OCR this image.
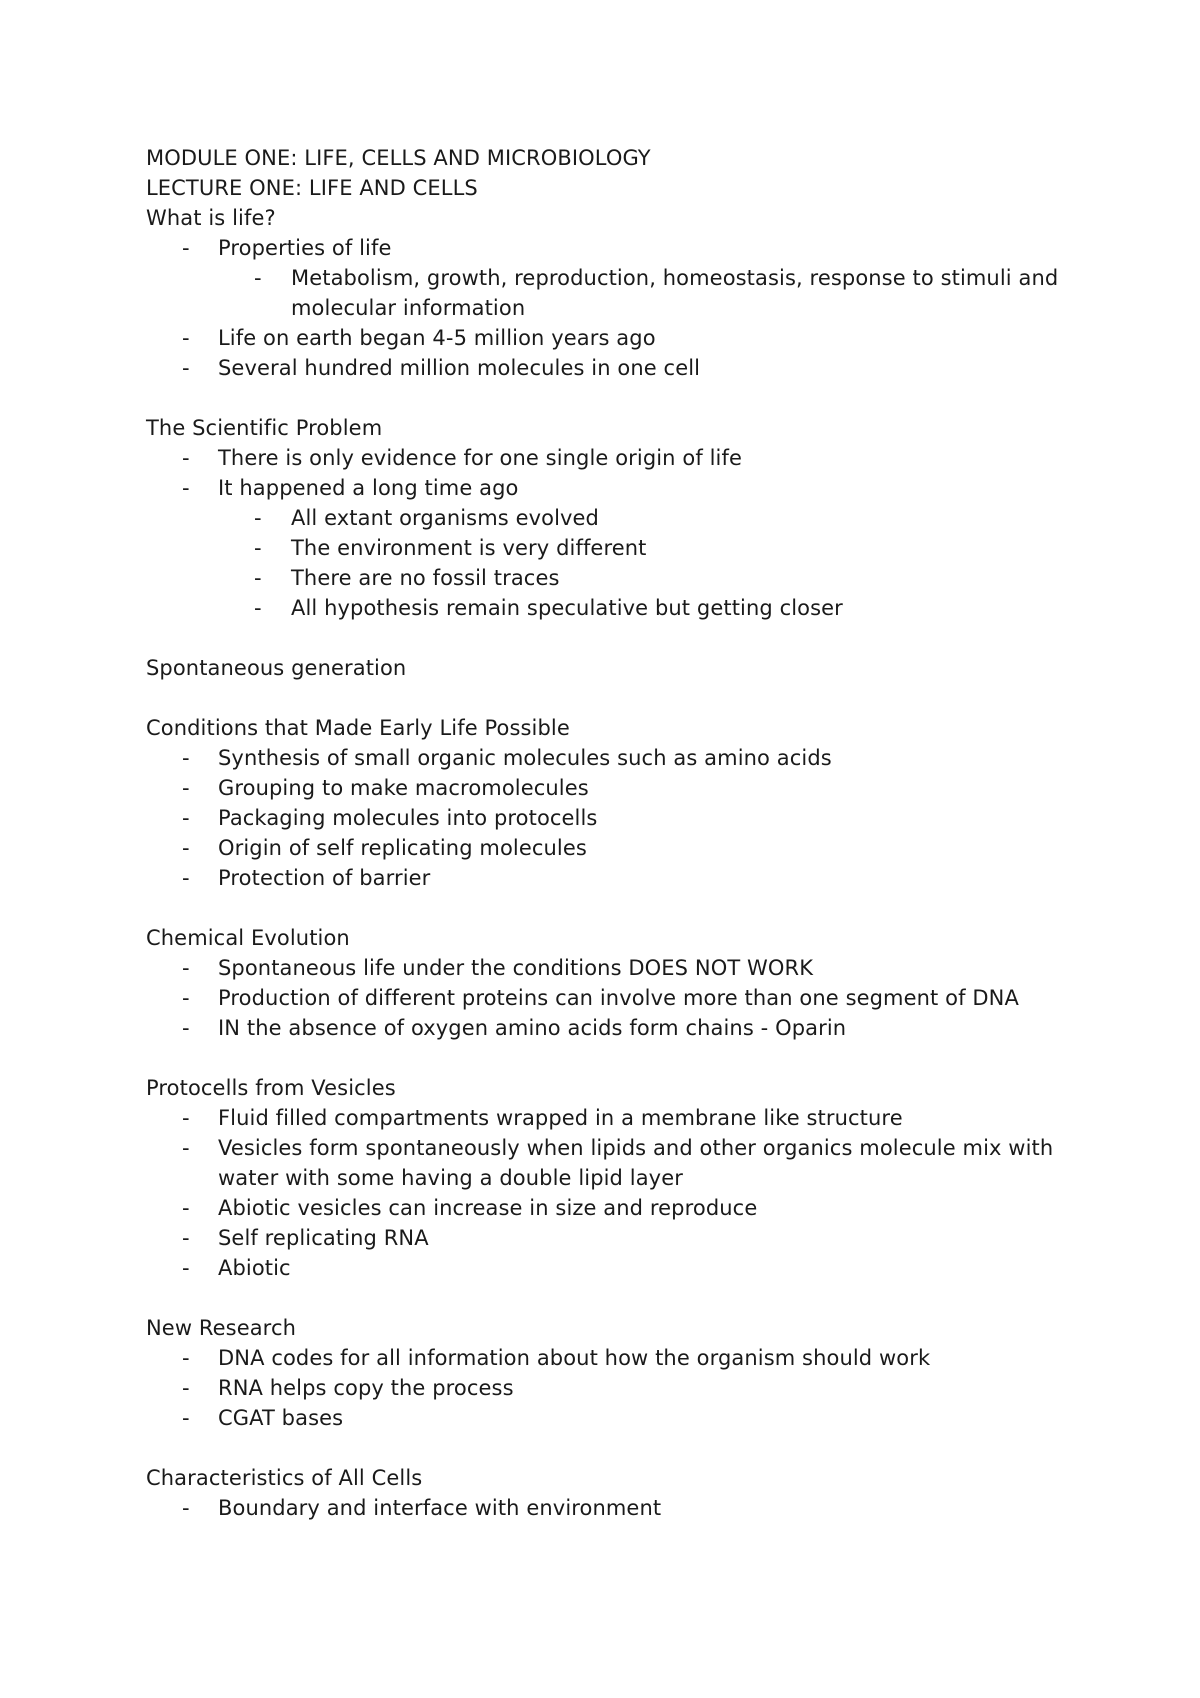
MODULE ONE: LIFE, CELLS AND MICROBIOLOGY

LECTURE ONE: LIFE AND CELLS

What is life?

- Properties of life
- Metabolism, growth, reproduction, homeostasis, response to stimuli and molecular information
- Life on earth began 4-5 million years ago
- Several hundred million molecules in one cell

The Scientific Problem

- There is only evidence for one single origin of life
- It happened a long time ago
- All extant organisms evolved
- The environment is very different
- There are no fossil traces
- All hypothesis remain speculative but getting closer

Spontaneous generation

Conditions that Made Early Life Possible

- Synthesis of small organic molecules such as amino acids
- Grouping to make macromolecules
- Packaging molecules into protocells
- Origin of self replicating molecules
- Protection of barrier

Chemical Evolution

- Spontaneous life under the conditions DOES NOT WORK
- Production of different proteins can involve more than one segment of DNA
- IN the absence of oxygen amino acids form chains - Oparin

Protocells from Vesicles

- Fluid filled compartments wrapped in a membrane like structure
- Vesicles form spontaneously when lipids and other organics molecule mix with water with some having a double lipid layer
- Abiotic vesicles can increase in size and reproduce
- Self replicating RNA
- Abiotic

New Research

- DNA codes for all information about how the organism should work
- RNA helps copy the process
- CGAT bases

Characteristics of All Cells

- Boundary and interface with environment
